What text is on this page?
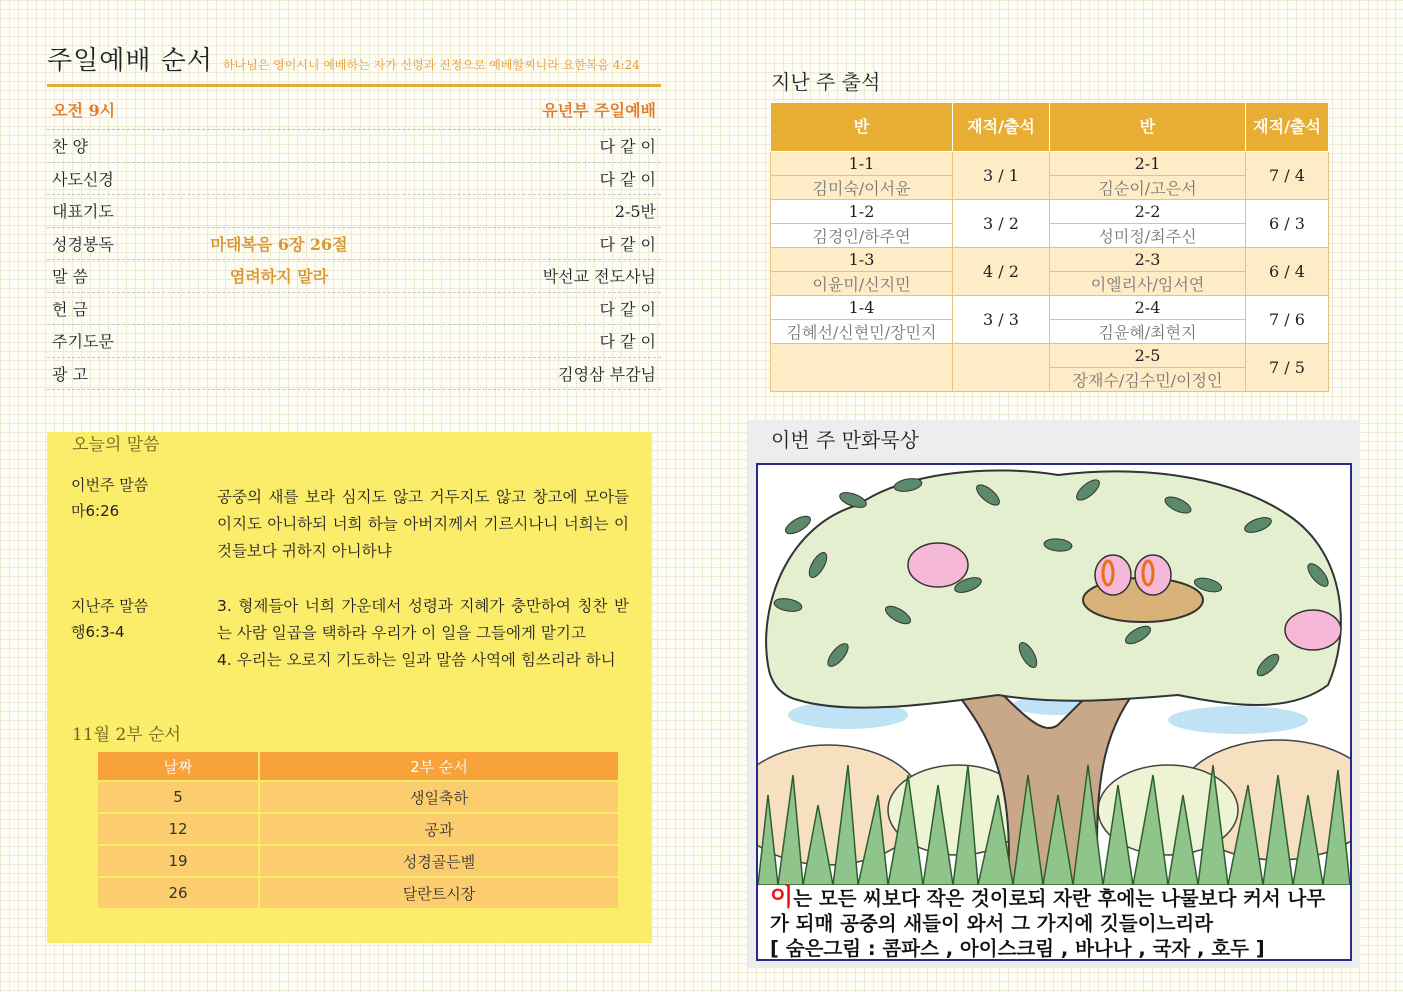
주일예배 순서 하나님은 영이시니 예배하는 자가 신령과 진정으로 예배할찌니라 요한복음 4:24
오전 9시	유년부 주일예배
찬 양	다 같 이
사도신경	다 같 이
대표기도	2-5반
성경봉독	마태복음 6장 26절	다 같 이
말 씀	염려하지 말라	박선교 전도사님
헌 금	다 같 이
주기도문	다 같 이
광 고	김영삼 부감님
오늘의 말씀
이번주 말씀
마6:26
공중의 새를 보라 심지도 않고 거두지도 않고 창고에 모아들이지도 아니하되 너희 하늘 아버지께서 기르시나니 너희는 이것들보다 귀하지 아니하냐
지난주 말씀
행6:3-4
3. 형제들아 너희 가운데서 성령과 지혜가 충만하여 칭찬 받는 사람 일곱을 택하라 우리가 이 일을 그들에게 맡기고
4. 우리는 오로지 기도하는 일과 말씀 사역에 힘쓰리라 하니
11월 2부 순서
날짜	2부 순서
5	생일축하
12	공과
19	성경골든벨
26	달란트시장
지난 주 출석
반	재적/출석	반	재적/출석
1-1	3 / 1	2-1	7 / 4
김미숙/이서윤		김순이/고은서	
1-2	3 / 2	2-2	6 / 3
김경인/하주연		성미정/최주신	
1-3	4 / 2	2-3	6 / 4
이윤미/신지민		이엘리사/임서연	
1-4	3 / 3	2-4	7 / 6
김혜선/신현민/장민지		김윤혜/최현지	
		2-5	7 / 5
		장재수/김수민/이정인	
이번 주 만화묵상
이는 모든 씨보다 작은 것이로되 자란 후에는 나물보다 커서 나무가 되매 공중의 새들이 와서 그 가지에 깃들이느리라
[ 숨은그림 : 콤파스 , 아이스크림 , 바나나 , 국자 , 호두 ]
